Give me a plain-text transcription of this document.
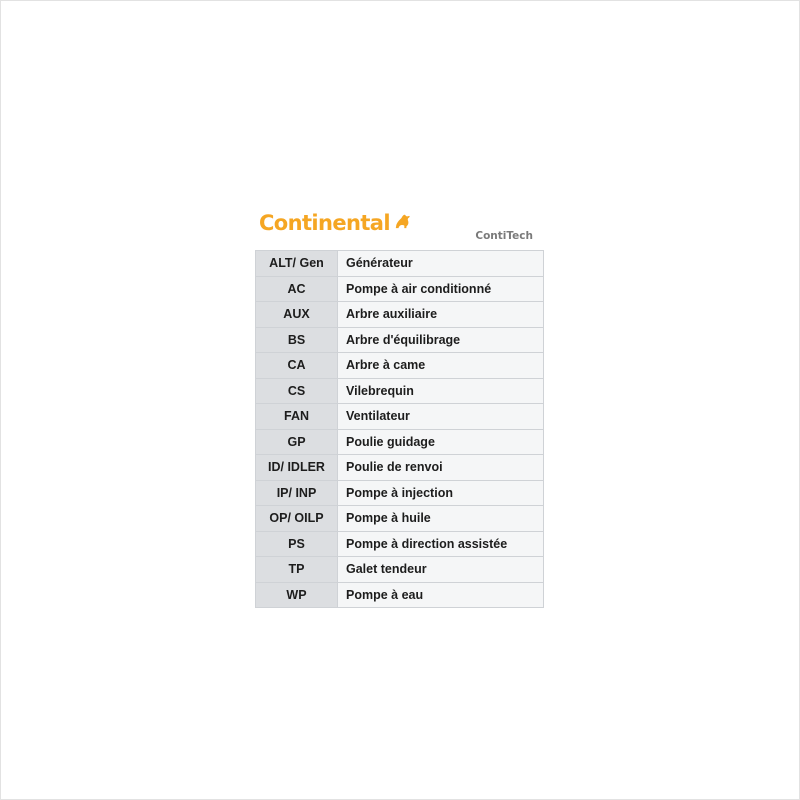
Continental
ContiTech
ALT/ Gen	Générateur
AC	Pompe à air conditionné
AUX	Arbre auxiliaire
BS	Arbre d'équilibrage
CA	Arbre à came
CS	Vilebrequin
FAN	Ventilateur
GP	Poulie guidage
ID/ IDLER	Poulie de renvoi
IP/ INP	Pompe à injection
OP/ OILP	Pompe à huile
PS	Pompe à direction assistée
TP	Galet tendeur
WP	Pompe à eau
